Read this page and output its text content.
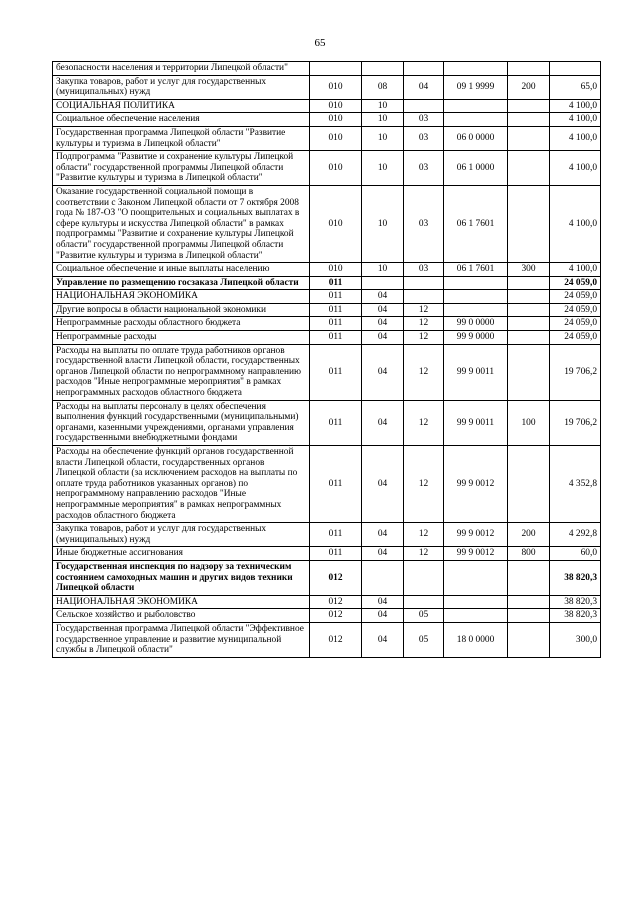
65
безопасности населения и территории Липецкой области"						
Закупка товаров, работ и услуг для государственных (муниципальных) нужд	010	08	04	09 1 9999	200	65,0
СОЦИАЛЬНАЯ ПОЛИТИКА	010	10				4 100,0
Социальное обеспечение населения	010	10	03			4 100,0
Государственная программа Липецкой области "Развитие культуры и туризма в Липецкой области"	010	10	03	06 0 0000		4 100,0
Подпрограмма "Развитие и сохранение культуры Липецкой области" государственной программы Липецкой области "Развитие культуры и туризма в Липецкой области"	010	10	03	06 1 0000		4 100,0
Оказание государственной социальной помощи в соответствии с Законом Липецкой области от 7 октября 2008 года № 187-ОЗ "О поощрительных и социальных выплатах в сфере культуры и искусства Липецкой области" в рамках подпрограммы "Развитие и сохранение культуры Липецкой области" государственной программы Липецкой области "Развитие культуры и туризма в Липецкой области"	010	10	03	06 1 7601		4 100,0
Социальное обеспечение и иные выплаты населению	010	10	03	06 1 7601	300	4 100,0
Управление по размещению госзаказа Липецкой области	011					24 059,0
НАЦИОНАЛЬНАЯ ЭКОНОМИКА	011	04				24 059,0
Другие вопросы в области национальной экономики	011	04	12			24 059,0
Непрограммные расходы областного бюджета	011	04	12	99 0 0000		24 059,0
Непрограммные расходы	011	04	12	99 9 0000		24 059,0
Расходы на выплаты по оплате труда работников органов государственной власти Липецкой области, государственных органов Липецкой области по непрограммному направлению расходов "Иные непрограммные мероприятия" в рамках непрограммных расходов областного бюджета	011	04	12	99 9 0011		19 706,2
Расходы на выплаты персоналу в целях обеспечения выполнения функций государственными (муниципальными) органами, казенными учреждениями, органами управления государственными внебюджетными фондами	011	04	12	99 9 0011	100	19 706,2
Расходы на обеспечение функций органов государственной власти Липецкой области, государственных органов Липецкой области (за исключением расходов на выплаты по оплате труда работников указанных органов) по непрограммному направлению расходов "Иные непрограммные мероприятия" в рамках непрограммных расходов областного бюджета	011	04	12	99 9 0012		4 352,8
Закупка товаров, работ и услуг для государственных (муниципальных) нужд	011	04	12	99 9 0012	200	4 292,8
Иные бюджетные ассигнования	011	04	12	99 9 0012	800	60,0
Государственная инспекция по надзору за техническим состоянием самоходных машин и других видов техники Липецкой области	012					38 820,3
НАЦИОНАЛЬНАЯ ЭКОНОМИКА	012	04				38 820,3
Сельское хозяйство и рыболовство	012	04	05			38 820,3
Государственная программа Липецкой области "Эффективное государственное управление и развитие муниципальной службы в Липецкой области"	012	04	05	18 0 0000		300,0
